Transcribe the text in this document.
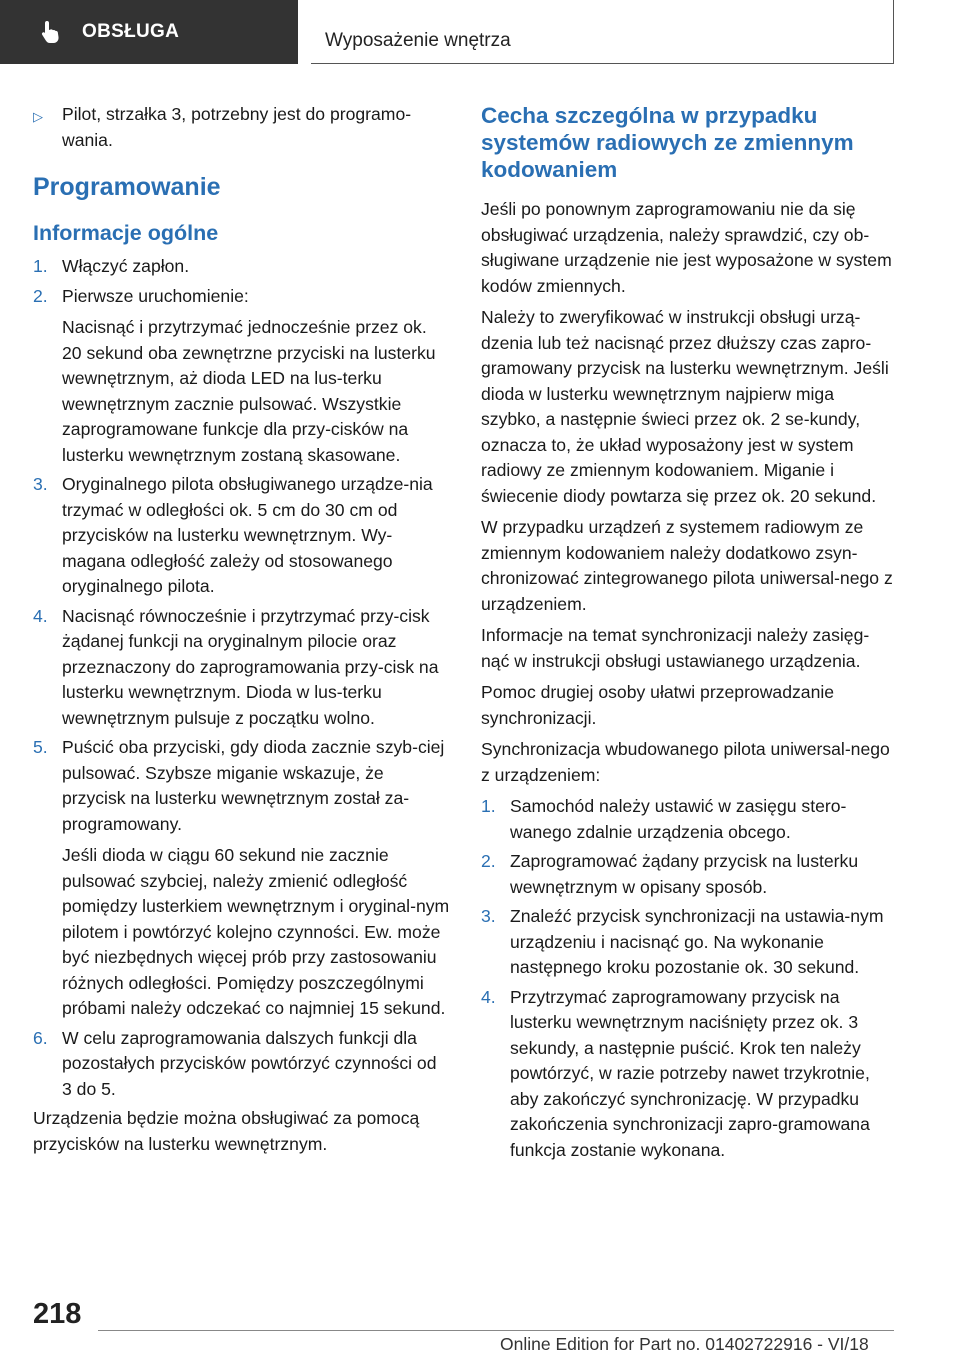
OBSŁUGA	Wyposażenie wnętrza
▷	Pilot, strzałka 3, potrzebny jest do programo‐wania.
Programowanie
Informacje ogólne
1. Włączyć zapłon.
2. Pierwsze uruchomienie:
Nacisnąć i przytrzymać jednocześnie przez ok. 20 sekund oba zewnętrzne przyciski na lusterku wewnętrznym, aż dioda LED na lus‐terku wewnętrznym zacznie pulsować. Wszystkie zaprogramowane funkcje dla przy‐cisków na lusterku wewnętrznym zostaną skasowane.
3. Oryginalnego pilota obsługiwanego urządze‐nia trzymać w odległości ok. 5 cm do 30 cm od przycisków na lusterku wewnętrznym. Wy‐magana odległość zależy od stosowanego oryginalnego pilota.
4. Nacisnąć równocześnie i przytrzymać przy‐cisk żądanej funkcji na oryginalnym pilocie oraz przeznaczony do zaprogramowania przy‐cisk na lusterku wewnętrznym. Dioda w lus‐terku wewnętrznym pulsuje z początku wolno.
5. Puścić oba przyciski, gdy dioda zacznie szyb‐ciej pulsować. Szybsze miganie wskazuje, że przycisk na lusterku wewnętrznym został za‐programowany.
Jeśli dioda w ciągu 60 sekund nie zacznie pulsować szybciej, należy zmienić odległość pomiędzy lusterkiem wewnętrznym i oryginal‐nym pilotem i powtórzyć kolejno czynności. Ew. może być niezbędnych więcej prób przy zastosowaniu różnych odległości. Pomiędzy poszczególnymi próbami należy odczekać co najmniej 15 sekund.
6. W celu zaprogramowania dalszych funkcji dla pozostałych przycisków powtórzyć czynności od 3 do 5.

Urządzenia będzie można obsługiwać za pomocą przycisków na lusterku wewnętrznym.

Cecha szczególna w przypadku systemów radiowych ze zmiennym kodowaniem

Jeśli po ponownym zaprogramowaniu nie da się obsługiwać urządzenia, należy sprawdzić, czy ob‐sługiwane urządzenie nie jest wyposażone w system kodów zmiennych.

Należy to zweryfikować w instrukcji obsługi urzą‐dzenia lub też nacisnąć przez dłuższy czas zapro‐gramowany przycisk na lusterku wewnętrznym. Jeśli dioda w lusterku wewnętrznym najpierw miga szybko, a następnie świeci przez ok. 2 se‐kundy, oznacza to, że układ wyposażony jest w system radiowy ze zmiennym kodowaniem. Miganie i świecenie diody powtarza się przez ok. 20 sekund.

W przypadku urządzeń z systemem radiowym ze zmiennym kodowaniem należy dodatkowo zsyn‐chronizować zintegrowanego pilota uniwersal‐nego z urządzeniem.

Informacje na temat synchronizacji należy zasięg‐nąć w instrukcji obsługi ustawianego urządzenia.

Pomoc drugiej osoby ułatwi przeprowadzanie synchronizacji.

Synchronizacja wbudowanego pilota uniwersal‐nego z urządzeniem:

1. Samochód należy ustawić w zasięgu stero‐wanego zdalnie urządzenia obcego.
2. Zaprogramować żądany przycisk na lusterku wewnętrznym w opisany sposób.
3. Znaleźć przycisk synchronizacji na ustawia‐nym urządzeniu i nacisnąć go. Na wykonanie następnego kroku pozostanie ok. 30 sekund.
4. Przytrzymać zaprogramowany przycisk na lusterku wewnętrznym naciśnięty przez ok. 3 sekundy, a następnie puścić. Krok ten należy powtórzyć, w razie potrzeby nawet trzykrotnie, aby zakończyć synchronizację. W przypadku zakończenia synchronizacji zapro‐gramowana funkcja zostanie wykonana.
218
Online Edition for Part no. 01402722916 - VI/18
